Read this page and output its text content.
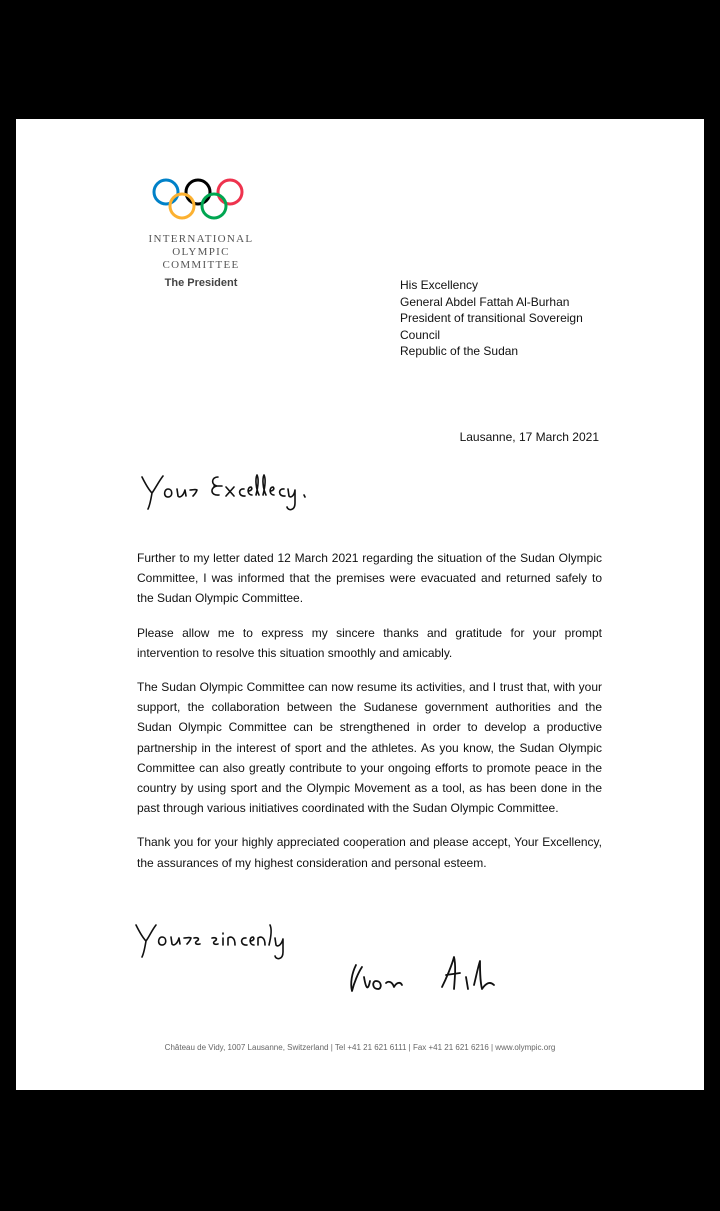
INTERNATIONAL
OLYMPIC
COMMITTEE
The President	His Excellency
General Abdel Fattah Al-Burhan
President of transitional Sovereign
Council
Republic of the Sudan
Lausanne, 17 March 2021

Further to my letter dated 12 March 2021 regarding the situation of the Sudan Olympic Committee, I was informed that the premises were evacuated and returned safely to the Sudan Olympic Committee.

Please allow me to express my sincere thanks and gratitude for your prompt intervention to resolve this situation smoothly and amicably.

The Sudan Olympic Committee can now resume its activities, and I trust that, with your support, the collaboration between the Sudanese government authorities and the Sudan Olympic Committee can be strengthened in order to develop a productive partnership in the interest of sport and the athletes. As you know, the Sudan Olympic Committee can also greatly contribute to your ongoing efforts to promote peace in the country by using sport and the Olympic Movement as a tool, as has been done in the past through various initiatives coordinated with the Sudan Olympic Committee.

Thank you for your highly appreciated cooperation and please accept, Your Excellency, the assurances of my highest consideration and personal esteem.

Château de Vidy, 1007 Lausanne, Switzerland | Tel +41 21 621 6111 | Fax +41 21 621 6216 | www.olympic.org
